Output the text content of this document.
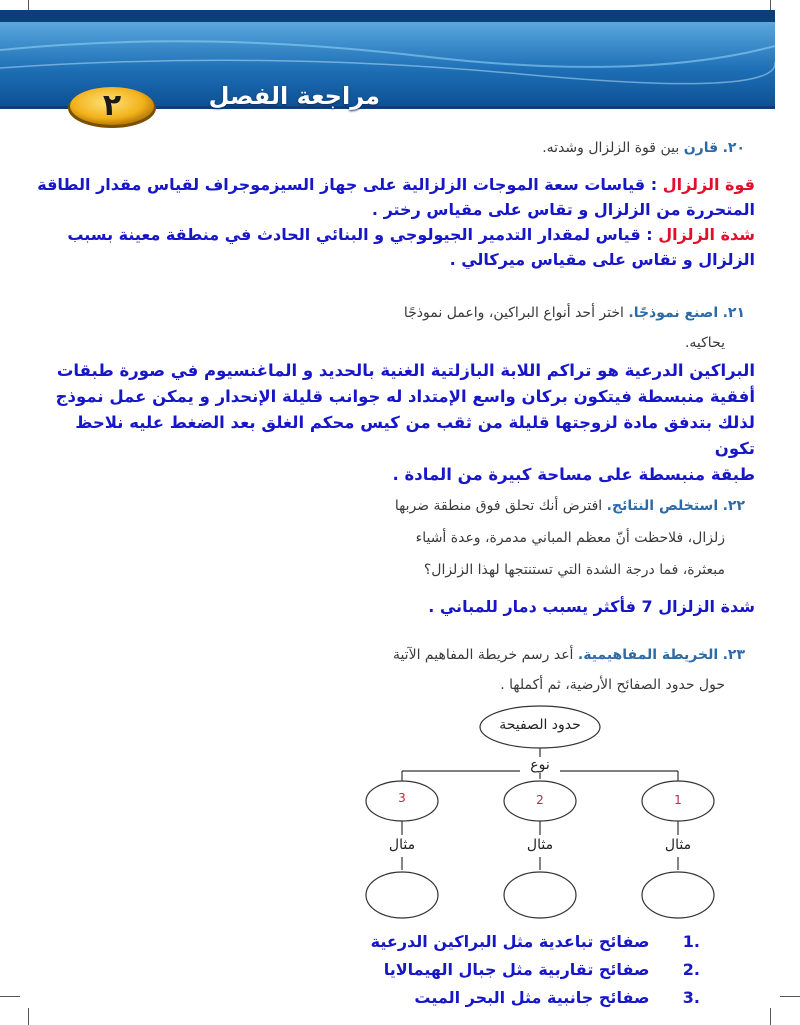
مراجعة الفصل
٢
٢٠. قارن بين قوة الزلزال وشدته.
قوة الزلزال : قياسات سعة الموجات الزلزالية على جهاز السيزموجراف لقياس مقدار الطاقة
المتحررة من الزلزال و تقاس على مقياس رختر .
شدة الزلزال : قياس لمقدار التدمير الجيولوجي و البنائي الحادث في منطقة معينة بسبب
الزلزال و تقاس على مقياس ميركالي .
٢١. اصنع نموذجًا. اختر أحد أنواع البراكين، واعمل نموذجًا
يحاكيه.
البراكين الدرعية هو تراكم اللابة البازلتية الغنية بالحديد و الماغنسيوم في صورة طبقات
أفقية منبسطة فيتكون بركان واسع الإمتداد له جوانب قليلة الإنحدار و يمكن عمل نموذج
لذلك بتدفق مادة لزوجتها قليلة من ثقب من كيس محكم الغلق بعد الضغط عليه نلاحظ تكون
طبقة منبسطة على مساحة كبيرة من المادة .
٢٢. استخلص النتائج. افترض أنك تحلق فوق منطقة ضربها
زلزال، فلاحظت أنّ معظم المباني مدمرة، وعدة أشياء
مبعثرة، فما درجة الشدة التي تستنتجها لهذا الزلزال؟
شدة الزلزال 7 فأكثر يسبب دمار للمباني .
٢٣. الخريطة المفاهيمية. أعد رسم خريطة المفاهيم الآتية
حول حدود الصفائح الأرضية، ثم أكملها .
حدود الصفيحة
نوع
3	2	1
مثال	مثال	مثال
.1 صفائح تباعدية مثل البراكين الدرعية
.2 صفائح تقاربية مثل جبال الهيمالايا
.3 صفائح جانبية مثل البحر الميت
